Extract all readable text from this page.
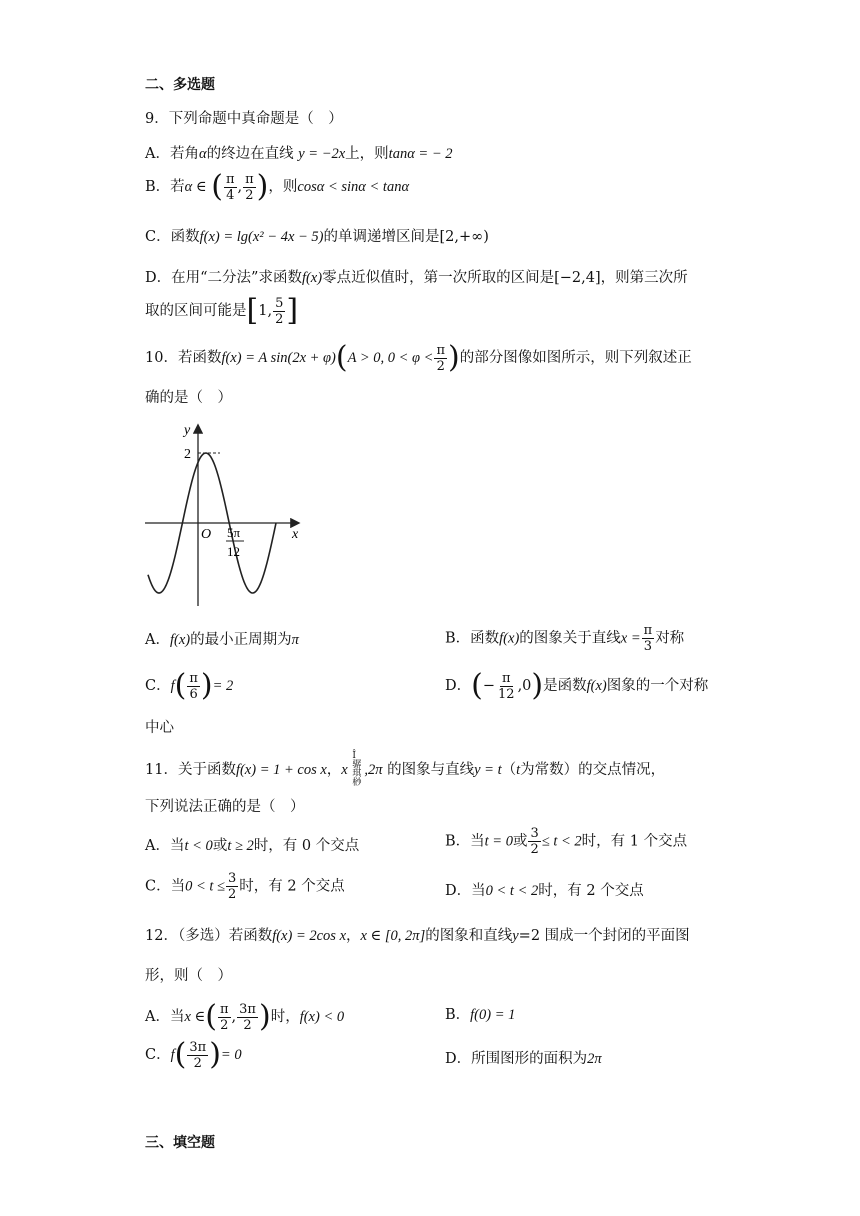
二、多选题
9．下列命题中真命题是（　）
A．若角α的终边在直线 y = −2x上，则tanα = − 2
B．若α ∈ ( $\frac{\pi}{4}$ , $\frac{\pi}{2}$ )，则cosα < sinα < tanα
C．函数f(x) = lg(x² − 4x − 5)的单调递增区间是[2,+∞)
D．在用“二分法”求函数f(x)零点近似值时，第一次所取的区间是[−2,4]，则第三次所
取的区间可能是[1, $\frac{5}{2}$ ]
10．若函数f(x) = A sin(2x + φ)(A > 0, $0 < \varphi < \frac{\pi}{2}$ )的部分图像如图所示，则下列叙述正
确的是（　）
y
x
O
2
5π
12
A．f(x)的最小正周期为π	B．函数f(x)的图象关于直线$x = \frac{\pi}{3}$ 对称
C．$f( \frac{\pi}{6}$ )= 2	D．(− $\frac{\pi}{12} ,0$)是函数f(x)图象的一个对称
中心
11．关于函数f(x) = 1 + cos x，x Î 骣琪 桫,2π 的图象与直线y = t（t为常数）的交点情况，
下列说法正确的是（　）
A．当t < 0或t ≥ 2时，有 0 个交点	B．当t = 0或 $\frac{3}{2} \le t < 2$时，有 1 个交点
C．当$0 < t \le \frac{3}{2}$ 时，有 2 个交点	D．当0 < t < 2时，有 2 个交点
12．（多选）若函数f(x) = 2cos x，x ∈ [0, 2π]的图象和直线y=2 围成一个封闭的平面图
形，则（　）
A．当x ∈( $\frac{\pi}{2}$ , $\frac{3\pi}{2}$ )时，f(x) < 0	B．f(0) = 1
C．$f( \frac{3\pi}{2}$ )= 0	D．所围图形的面积为2π
三、填空题
